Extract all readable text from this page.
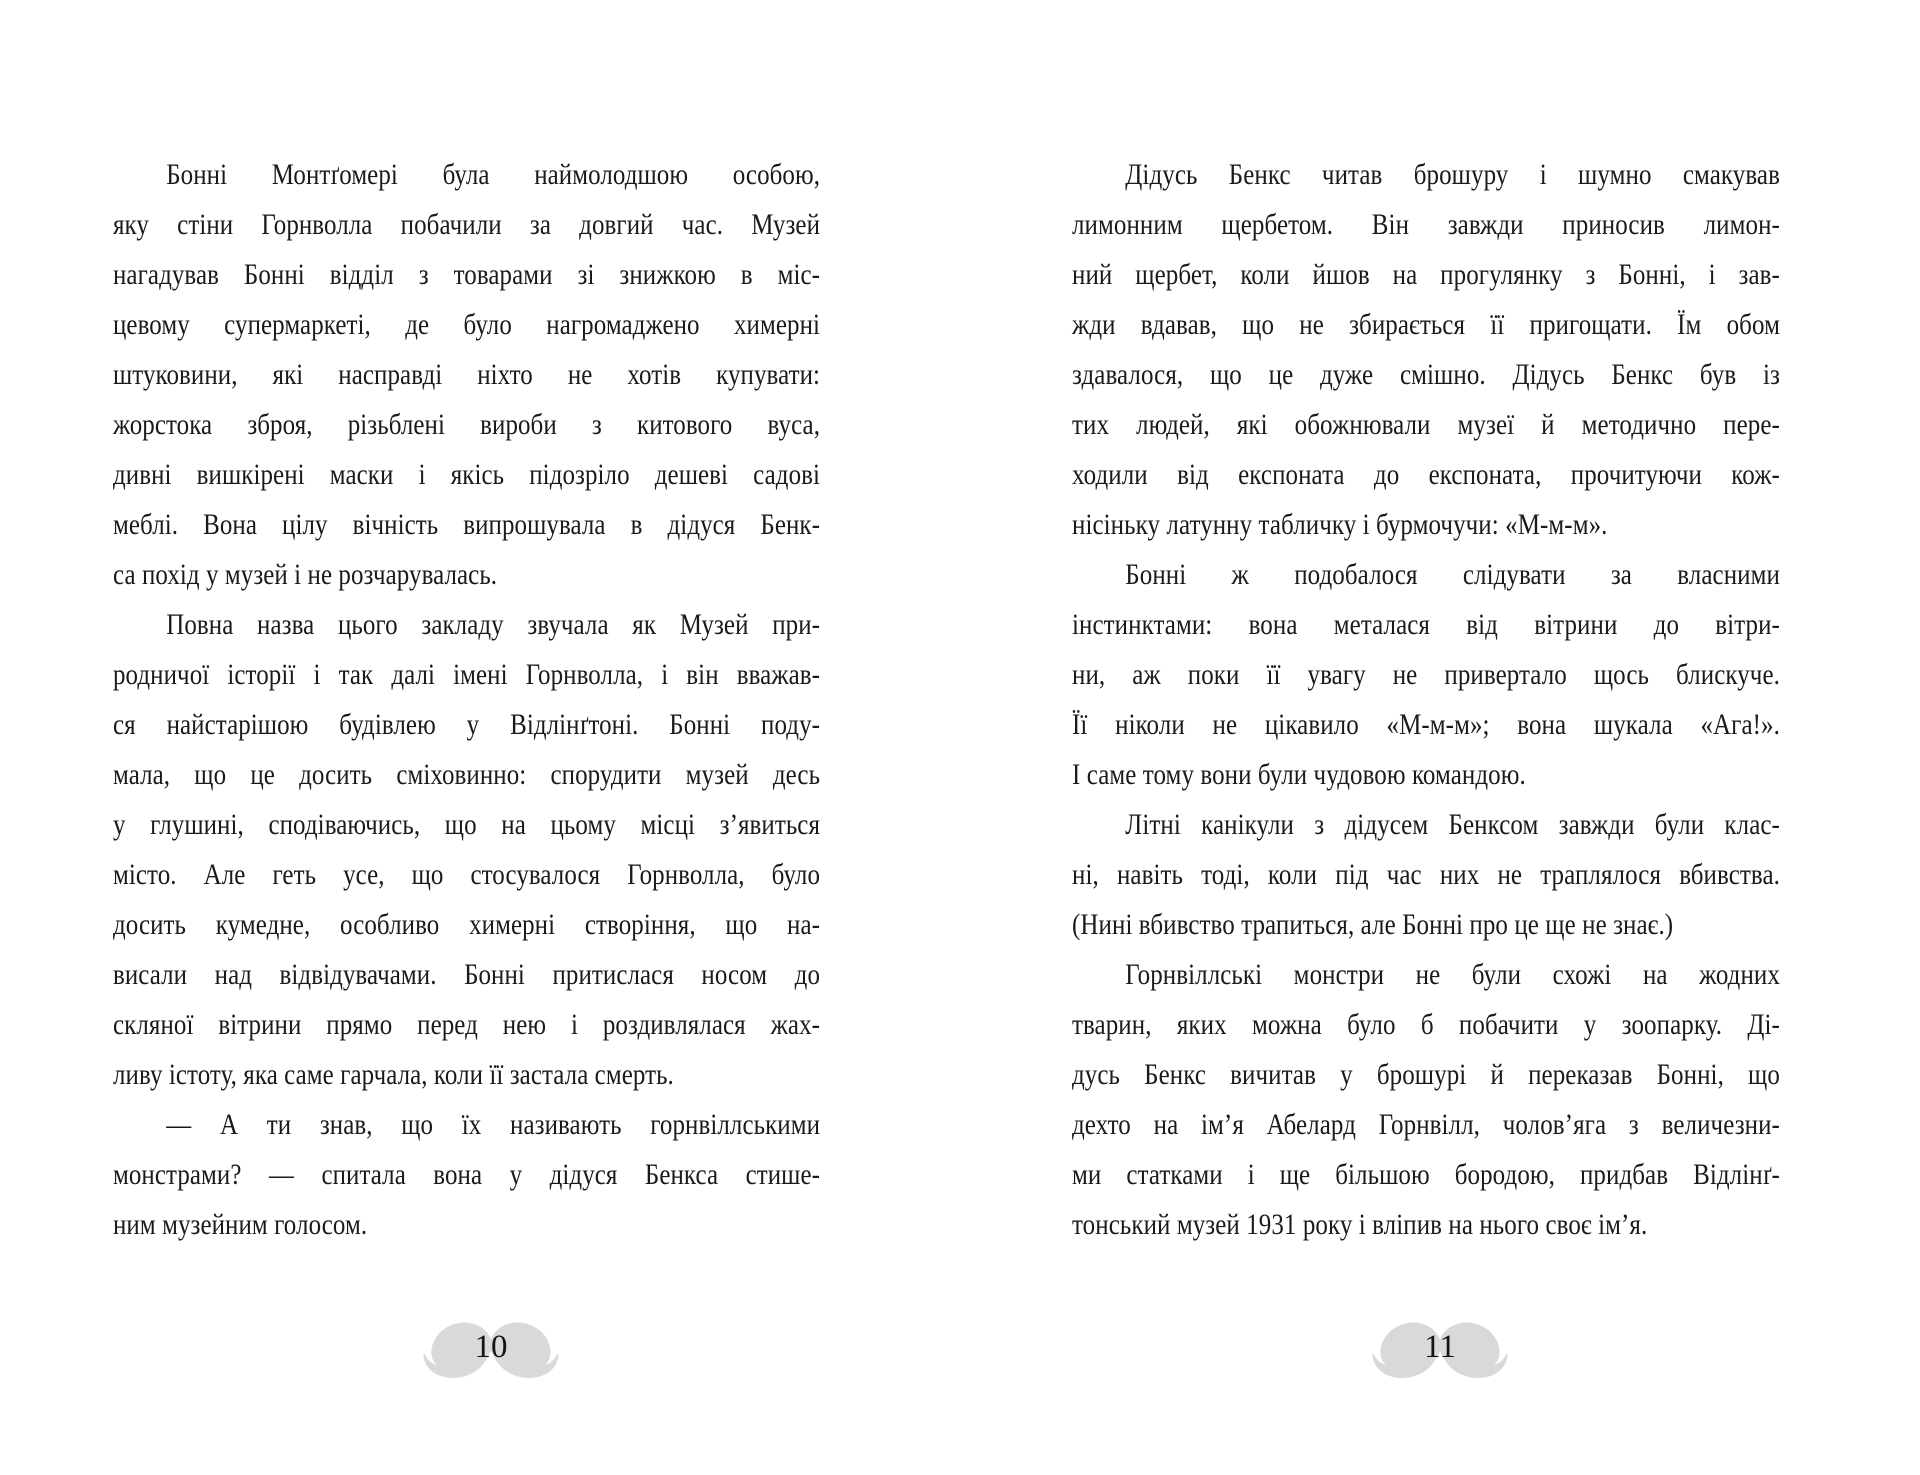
Бонні Монтґомері була наймолодшою особою,
яку стіни Горнволла побачили за довгий час. Музей
нагадував Бонні відділ з товарами зі знижкою в міс-
цевому супермаркеті, де було нагромаджено химерні
штуковини, які насправді ніхто не хотів купувати:
жорстока зброя, різьблені вироби з китового вуса,
дивні вишкірені маски і якісь підозріло дешеві садові
меблі. Вона цілу вічність випрошувала в дідуся Бенк-
са похід у музей і не розчарувалась.
Повна назва цього закладу звучала як Музей при-
родничої історії і так далі імені Горнволла, і він вважав-
ся найстарішою будівлею у Відлінґтоні. Бонні поду-
мала, що це досить сміховинно: спорудити музей десь
у глушині, сподіваючись, що на цьому місці з’явиться
місто. Але геть усе, що стосувалося Горнволла, було
досить кумедне, особливо химерні створіння, що на-
висали над відвідувачами. Бонні притислася носом до
скляної вітрини прямо перед нею і роздивлялася жах-
ливу істоту, яка саме гарчала, коли її застала смерть.
— А ти знав, що їх називають горнвіллськими
монстрами? — спитала вона у дідуся Бенкса стише-
ним музейним голосом.
10
Дідусь Бенкс читав брошуру і шумно смакував
лимонним щербетом. Він завжди приносив лимон-
ний щербет, коли йшов на прогулянку з Бонні, і зав-
жди вдавав, що не збирається її пригощати. Їм обом
здавалося, що це дуже смішно. Дідусь Бенкс був із
тих людей, які обожнювали музеї й методично пере-
ходили від експоната до експоната, прочитуючи кож-
нісіньку латунну табличку і бурмочучи: «М-м-м».
Бонні ж подобалося слідувати за власними
інстинктами: вона металася від вітрини до вітри-
ни, аж поки її увагу не привертало щось блискуче.
Її ніколи не цікавило «М-м-м»; вона шукала «Ага!».
І саме тому вони були чудовою командою.
Літні канікули з дідусем Бенксом завжди були клас-
ні, навіть тоді, коли під час них не траплялося вбивства.
(Нині вбивство трапиться, але Бонні про це ще не знає.)
Горнвіллські монстри не були схожі на жодних
тварин, яких можна було б побачити у зоопарку. Ді-
дусь Бенкс вичитав у брошурі й переказав Бонні, що
дехто на ім’я Абелард Горнвілл, чолов’яга з величезни-
ми статками і ще більшою бородою, придбав Відлінґ-
тонський музей 1931 року і вліпив на нього своє ім’я.
11
